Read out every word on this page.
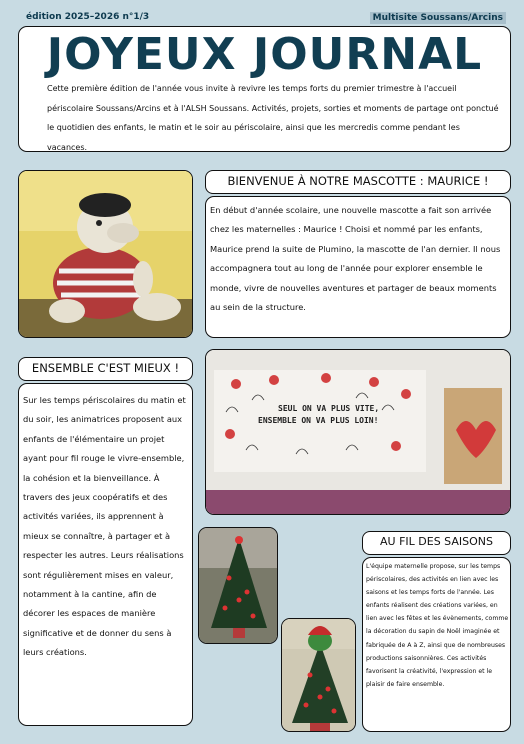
édition 2025–2026 n°1/3	Multisite Soussans/Arcins
JOYEUX JOURNAL
Cette première édition de l'année vous invite à revivre les temps forts du premier trimestre à l'accueil périscolaire Soussans/Arcins et à l'ALSH Soussans. Activités, projets, sorties et moments de partage ont ponctué le quotidien des enfants, le matin et le soir au périscolaire, ainsi que les mercredis comme pendant les vacances.
BIENVENUE À NOTRE MASCOTTE : MAURICE !
En début d'année scolaire, une nouvelle mascotte a fait son arrivée chez les maternelles : Maurice ! Choisi et nommé par les enfants, Maurice prend la suite de Plumino, la mascotte de l'an dernier. Il nous accompagnera tout au long de l'année pour explorer ensemble le monde, vivre de nouvelles aventures et partager de beaux moments au sein de la structure.
ENSEMBLE C'EST MIEUX !
Sur les temps périscolaires du matin et du soir, les animatrices proposent aux enfants de l'élémentaire un projet ayant pour fil rouge le vivre-ensemble, la cohésion et la bienveillance. À travers des jeux coopératifs et des activités variées, ils apprennent à mieux se connaître, à partager et à respecter les autres. Leurs réalisations sont régulièrement mises en valeur, notamment à la cantine, afin de décorer les espaces de manière significative et de donner du sens à leurs créations.
SEUL ON VA PLUS VITE,
ENSEMBLE ON VA PLUS LOIN!
AU FIL DES SAISONS
L'équipe maternelle propose, sur les temps périscolaires, des activités en lien avec les saisons et les temps forts de l'année. Les enfants réalisent des créations variées, en lien avec les fêtes et les évènements, comme la décoration du sapin de Noël imaginée et fabriquée de A à Z, ainsi que de nombreuses productions saisonnières. Ces activités favorisent la créativité, l'expression et le plaisir de faire ensemble.
